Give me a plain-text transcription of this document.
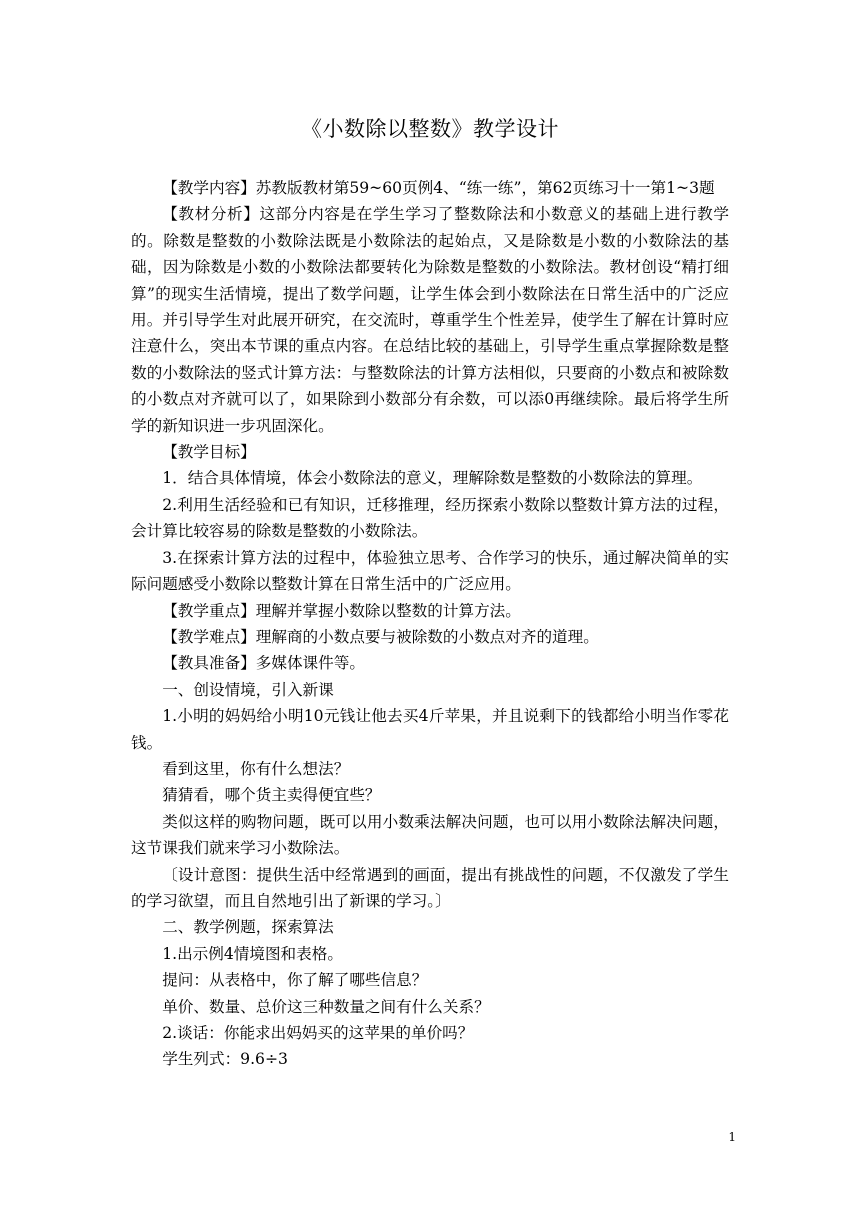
《小数除以整数》教学设计

【教学内容】苏教版教材第59~60页例4、“练一练”，第62页练习十一第1~3题

【教材分析】这部分内容是在学生学习了整数除法和小数意义的基础上进行教学的。除数是整数的小数除法既是小数除法的起始点，又是除数是小数的小数除法的基础，因为除数是小数的小数除法都要转化为除数是整数的小数除法。教材创设“精打细算”的现实生活情境，提出了数学问题，让学生体会到小数除法在日常生活中的广泛应用。并引导学生对此展开研究，在交流时，尊重学生个性差异，使学生了解在计算时应注意什么，突出本节课的重点内容。在总结比较的基础上，引导学生重点掌握除数是整数的小数除法的竖式计算方法：与整数除法的计算方法相似，只要商的小数点和被除数的小数点对齐就可以了，如果除到小数部分有余数，可以添0再继续除。最后将学生所学的新知识进一步巩固深化。

【教学目标】

1．结合具体情境，体会小数除法的意义，理解除数是整数的小数除法的算理。

2.利用生活经验和已有知识，迁移推理，经历探索小数除以整数计算方法的过程，会计算比较容易的除数是整数的小数除法。

3.在探索计算方法的过程中，体验独立思考、合作学习的快乐，通过解决简单的实际问题感受小数除以整数计算在日常生活中的广泛应用。

【教学重点】理解并掌握小数除以整数的计算方法。

【教学难点】理解商的小数点要与被除数的小数点对齐的道理。

【教具准备】多媒体课件等。

一、创设情境，引入新课

1.小明的妈妈给小明10元钱让他去买4斤苹果，并且说剩下的钱都给小明当作零花钱。

看到这里，你有什么想法？

猜猜看，哪个货主卖得便宜些？

类似这样的购物问题，既可以用小数乘法解决问题，也可以用小数除法解决问题，这节课我们就来学习小数除法。

〔设计意图：提供生活中经常遇到的画面，提出有挑战性的问题，不仅激发了学生的学习欲望，而且自然地引出了新课的学习。〕

二、教学例题，探索算法

1.出示例4情境图和表格。

提问：从表格中，你了解了哪些信息？

单价、数量、总价这三种数量之间有什么关系？

2.谈话：你能求出妈妈买的这苹果的单价吗？

学生列式：9.6÷3

1
